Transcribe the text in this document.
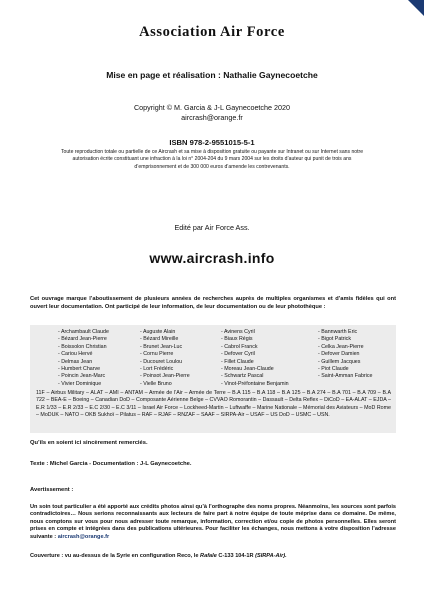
Association Air Force
Mise en page et réalisation : Nathalie Gaynecoetche
Copyright © M. Garcia & J-L Gaynecoetche 2020
aircrash@orange.fr
ISBN 978-2-9551015-5-1
Toute reproduction totale ou partielle de ce Aircrash et sa mise à disposition gratuite ou payante sur Intranet ou sur Internet sans notre autorisation écrite constituant une infraction à la loi n° 2004-204 du 9 mars 2004 sur les droits d’auteur qui punit de trois ans d’emprisonnement et de 300 000 euros d’amende les contrevenants.
Edité par Air Force Ass.
www.aircrash.info
Cet ouvrage marque l’aboutissement de plusieurs années de recherches auprès de multiples organismes et d’amis fidèles qui ont ouvert leur documentation. Ont participé de leur information, de leur documentation ou de leur photothèque :
- Archambault Claude
- Bézard Jean-Pierre
- Boissolon Christian
- Cariou Hervé
- Delmas Jean
- Humbert Charve
- Poincin Jean-Marc
- Vivier Dominique
- Auguste Alain
- Bézard Mireille
- Brunet Jean-Luc
- Cornu Pierre
- Ducouret Loulou
- Lort Frédéric
- Poinsot Jean-Pierre
- Vielle Bruno
- Avinens Cyril
- Biaux Régis
- Cabrol Franck
- Defover Cyril
- Fillet Claude
- Moreau Jean-Claude
- Schwartz Pascal
- Vinot-Préfontaine Benjamin
- Bannwarth Eric
- Bigot Patrick
- Celka Jean-Pierre
- Defover Damien
- Guillem Jacques
- Piot Claude
- Saint-Amman Fabrice
11F – Airbus Military – ALAT – AMI – ANTAM – Armée de l’Air – Armée de Terre – B.A 115 – B.A 118 – B.A 125 – B.A 274 – B.A 701 – B.A 709 – B.A 722 – BEA-E – Boeing – Canadian DoD – Composante Aérienne Belge – CVVAO Romorantin – Dassault – Delta Reflex – DiCoD – EA-ALAT – EJDA – E.R 1/33 – E.R 2/33 – E.C 2/30 – E.C 3/11 – Israel Air Force – Lockheed-Martin – Luftwaffe – Marine Nationale – Mémorial des Aviateurs – MoD Rome – MoDUK – NATO – OKB Sukhoï – Pilatus – RAF – RJAF – RNZAF – SAAF – SIRPA-Air – USAF – US DoD – USMC – USN.
Qu’ils en soient ici sincèrement remerciés.
Texte : Michel Garcia - Documentation : J-L Gaynecoetche.
Avertissement :
Un soin tout particulier a été apporté aux crédits photos ainsi qu’à l’orthographe des noms propres. Néanmoins, les sources sont parfois contradictoires… Nous serions reconnaissants aux lecteurs de faire part à notre équipe de toute méprise dans ce domaine. De même, nous comptons sur vous pour nous adresser toute remarque, information, correction et/ou copie de photos personnelles. Elles seront prises en compte et intégrées dans des publications ultérieures. Pour faciliter les échanges, nous mettons à votre disposition l’adresse suivante : aircrash@orange.fr
Couverture : vu au-dessus de la Syrie en configuration Reco, le Rafale C-133 104-1R (SIRPA-Air).
